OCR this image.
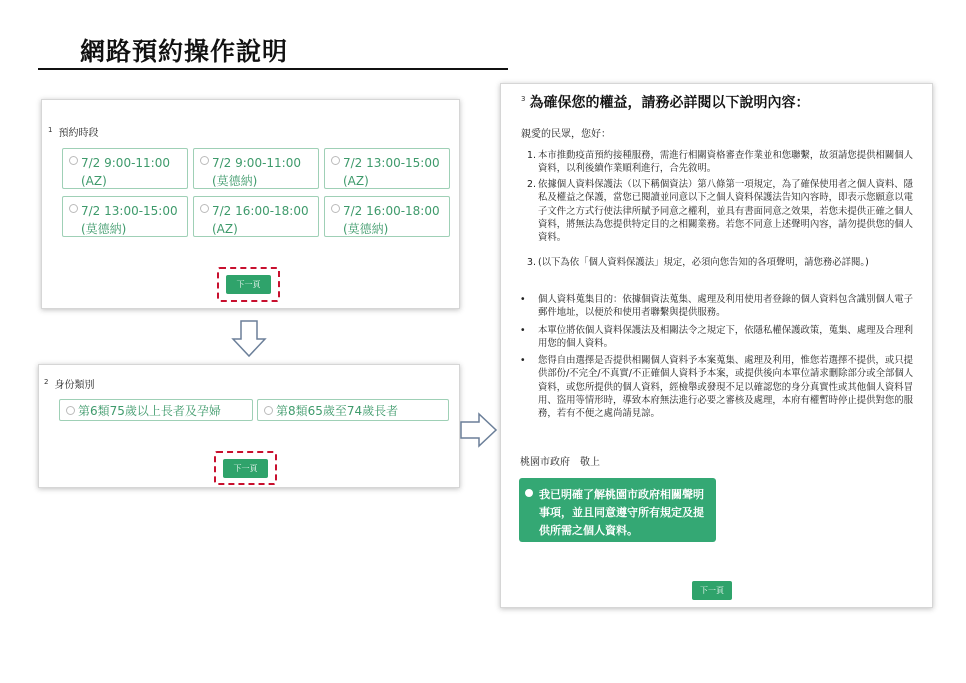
網路預約操作說明
$^1$ 預約時段
7/2 9:00-11:00 (AZ)
7/2 9:00-11:00 (莫德納)
7/2 13:00-15:00 (AZ)
7/2 13:00-15:00 (莫德納)
7/2 16:00-18:00 (AZ)
7/2 16:00-18:00 (莫德納)
下一頁
$^2$ 身份類別
第6類75歲以上長者及孕婦	第8類65歲至74歲長者
下一頁
$^3$ 為確保您的權益，請務必詳閱以下說明內容：
親愛的民眾，您好：
1. 本市推動疫苗預約接種服務，需進行相關資格審查作業並和您聯繫，故須請您提供相關個人資料，以利後續作業順利進行，合先敘明。
2. 依據個人資料保護法（以下稱個資法）第八條第一項規定，為了確保使用者之個人資料、隱私及權益之保護，當您已閱讀並同意以下之個人資料保護法告知內容時，即表示您願意以電子文件之方式行使法律所賦予同意之權利，並具有書面同意之效果，若您未提供正確之個人資料，將無法為您提供特定目的之相關業務。若您不同意上述聲明內容，請勿提供您的個人資料。
3. (以下為依「個人資料保護法」規定，必須向您告知的各項聲明，請您務必詳閱。)
• 個人資料蒐集目的：依據個資法蒐集、處理及利用使用者登錄的個人資料包含識別個人電子郵件地址，以便於和使用者聯繫與提供服務。
• 本單位將依個人資料保護法及相關法令之規定下，依隱私權保護政策，蒐集、處理及合理利用您的個人資料。
• 您得自由選擇是否提供相關個人資料予本案蒐集、處理及利用，惟您若選擇不提供，或只提供部份/不完全/不真實/不正確個人資料予本案，或提供後向本單位請求刪除部分或全部個人資料，或您所提供的個人資料，經檢舉或發現不足以確認您的身分真實性或其他個人資料冒用、盜用等情形時，導致本府無法進行必要之審核及處理，本府有權暫時停止提供對您的服務，若有不便之處尚請見諒。
桃園市政府　敬上
我已明確了解桃園市政府相關聲明事項，並且同意遵守所有規定及提供所需之個人資料。
下一頁
